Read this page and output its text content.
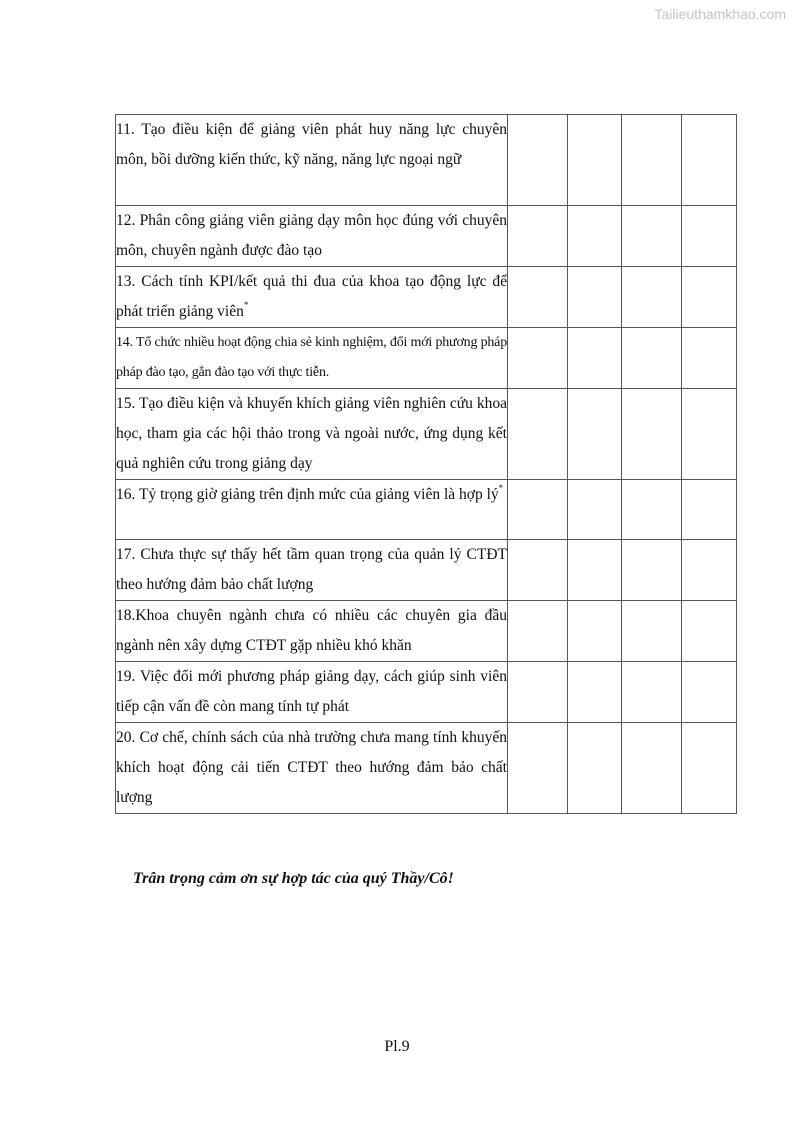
Tailieuthamkhao.com
11. Tạo điều kiện để giảng viên phát huy năng lực chuyên môn, bồi dưỡng kiến thức, kỹ năng, năng lực ngoại ngữ				
12. Phân công giảng viên giảng dạy môn học đúng với chuyên môn, chuyên ngành được đào tạo				
13. Cách tính KPI/kết quả thi đua của khoa tạo động lực để phát triển giảng viên*				
14. Tổ chức nhiều hoạt động chia sẻ kinh nghiệm, đổi mới phương pháp pháp đào tạo, gắn đào tạo với thực tiễn.				
15. Tạo điều kiện và khuyến khích giảng viên nghiên cứu khoa học, tham gia các hội thảo trong và ngoài nước, ứng dụng kết quả nghiên cứu trong giảng dạy				
16. Tỷ trọng giờ giảng trên định mức của giảng viên là hợp lý*				
17. Chưa thực sự thấy hết tầm quan trọng của quản lý CTĐT theo hướng đảm bảo chất lượng				
18.Khoa chuyên ngành chưa có nhiều các chuyên gia đầu ngành nên xây dựng CTĐT gặp nhiều khó khăn				
19. Việc đổi mới phương pháp giảng dạy, cách giúp sinh viên tiếp cận vấn đề còn mang tính tự phát				
20. Cơ chế, chính sách của nhà trường chưa mang tính khuyến khích hoạt động cải tiến CTĐT theo hướng đảm bảo chất lượng				
Trân trọng cảm ơn sự hợp tác của quý Thầy/Cô!
Pl.9
